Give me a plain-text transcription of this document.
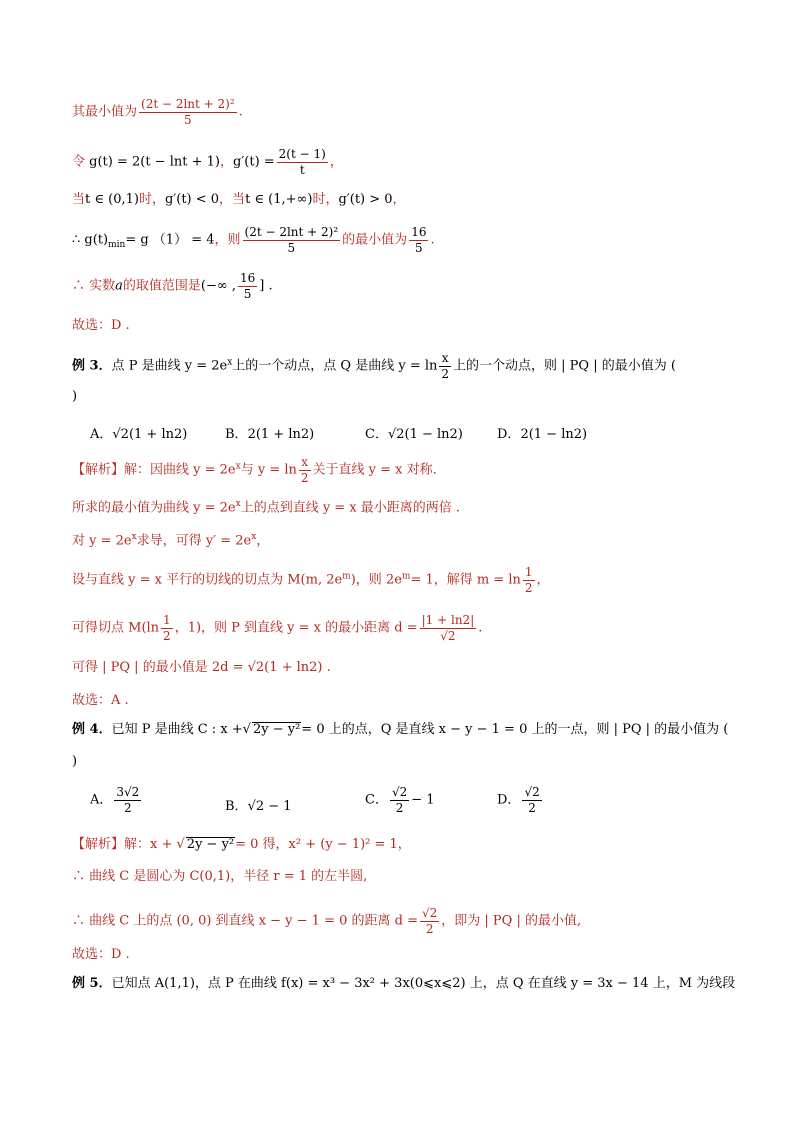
其最小值为 $\frac{\text{(2t − 2lnt + 2)²}}{5}$ .
令 g(t) = 2(t − lnt + 1)，$g'(t) = \frac{2(t - 1)}{t}$ ，
当t ∈ (0,1)时，g′(t) < 0，当t ∈ (1,+∞)时，g′(t) > 0，
∴ $g(t)_{min}= g$ （1） = 4，则 $\frac{\text{(2t − 2lnt + 2)²}}{5}$ 的最小值为 $\frac{16}{5}$ .
∴ 实数a的取值范围是(−∞ , $\frac{16}{5}$ ] .
故选：D .
例 3．点 P 是曲线 $y = 2e^x$上的一个动点，点 Q 是曲线 $y = \ln \frac{x}{2}$ 上的一个动点，则 | PQ | 的最小值为 (
)
A．√2(1 + ln2)	B．2(1 + ln2)	C．√2(1 − ln2)	D．2(1 − ln2)
【解析】解：因曲线 $y = 2e^x$与 $y = \ln \frac{x}{2}$ 关于直线 y = x 对称.
所求的最小值为曲线 $y = 2e^x$上的点到直线 y = x 最小距离的两倍 .
对 $y = 2e^x$求导，可得 $y' = 2e^x$，
设与直线 y = x 平行的切线的切点为 M(m, $2e^m$)，则 $2e^m= 1$，解得 $m = \ln \frac{1}{2}$ ，
可得切点 $M(\ln \frac{1}{2}$ ，1)，则 P 到直线 y = x 的最小距离 $d = \frac{|1 + \ln 2|}{√2}$ .
可得 | PQ | 的最小值是 2d = √2(1 + ln2) .
故选：A .
例 4．已知 P 是曲线 C : x +√ 2y − y²= 0 上的点，Q 是直线 x − y − 1 = 0 上的一点，则 | PQ | 的最小值为 (
)
A． $\frac{3√2}{2}$	B．√2 − 1	C． $\frac{√2}{2} - 1$	D． $\frac{√2}{2}$
【解析】解：x + √ 2y − y²= 0 得，x² + (y − 1)² = 1，
∴ 曲线 C 是圆心为 C(0,1)，半径 r = 1 的左半圆,
∴ 曲线 C 上的点 (0, 0) 到直线 x − y − 1 = 0 的距离 $d = \frac{√2}{2}$ ，即为 | PQ | 的最小值,
故选：D .
例 5．已知点 A(1,1)，点 P 在曲线 f(x) = x³ − 3x² + 3x(0⩽x⩽2) 上，点 Q 在直线 y = 3x − 14 上，M 为线段
